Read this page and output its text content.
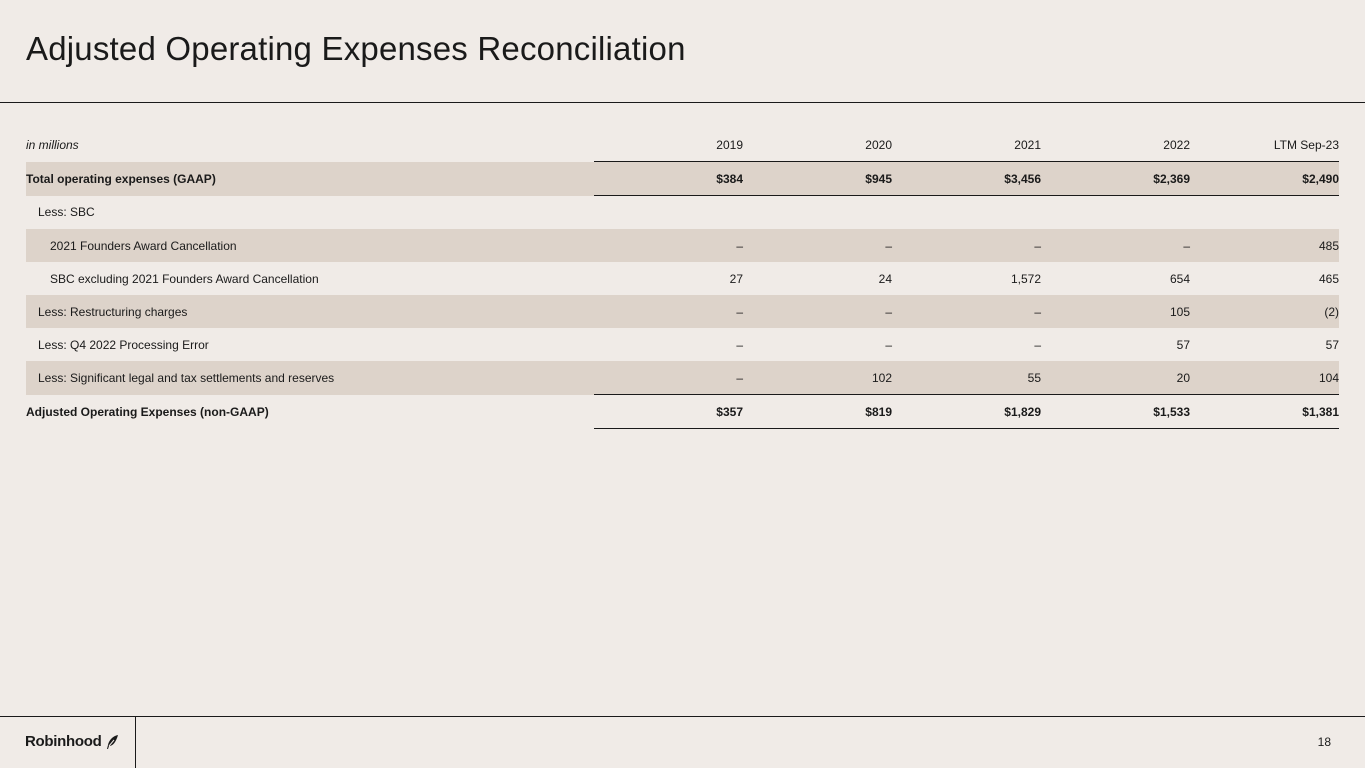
Adjusted Operating Expenses Reconciliation
in millions	2019	2020	2021	2022	LTM Sep-23
Total operating expenses (GAAP)	$384	$945	$3,456	$2,369	$2,490
Less: SBC					
2021 Founders Award Cancellation	–	–	–	–	485
SBC excluding 2021 Founders Award Cancellation	27	24	1,572	654	465
Less: Restructuring charges	–	–	–	105	(2)
Less: Q4 2022 Processing Error	–	–	–	57	57
Less: Significant legal and tax settlements and reserves	–	102	55	20	104
Adjusted Operating Expenses (non-GAAP)	$357	$819	$1,829	$1,533	$1,381
Robinhood	18
